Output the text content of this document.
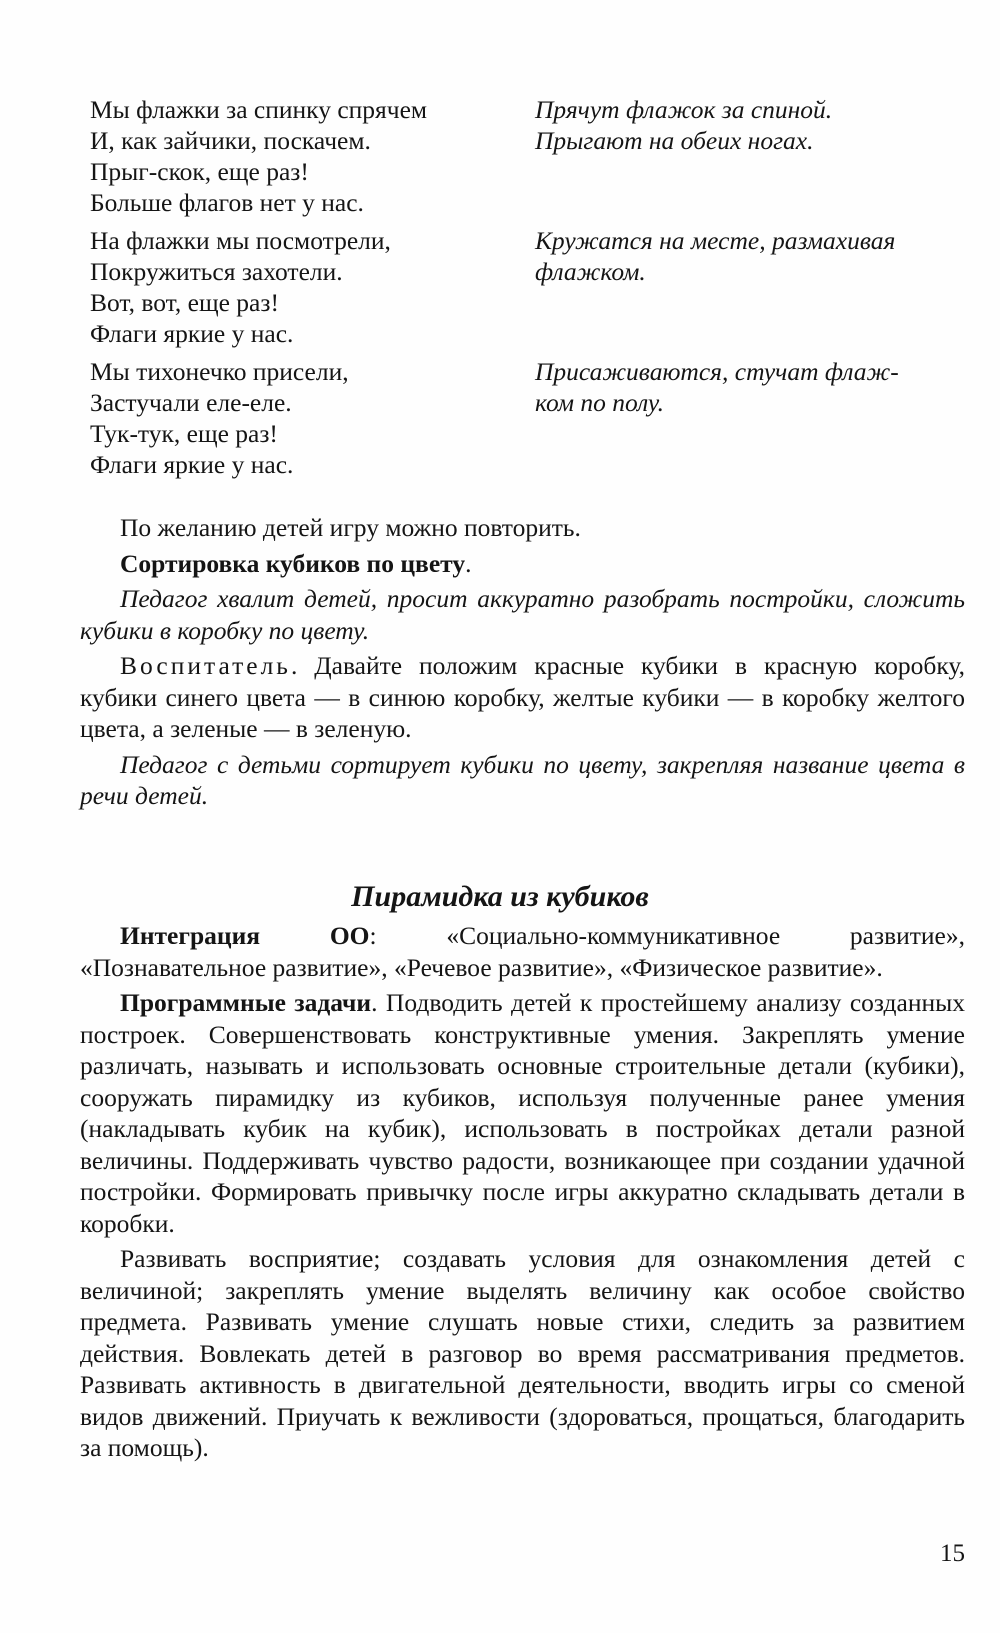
Мы флажки за спинку спрячем
И, как зайчики, поскачем.
Прыг-скок, еще раз!
Больше флагов нет у нас.
Прячут флажок за спиной.
Прыгают на обеих ногах.
На флажки мы посмотрели,
Покружиться захотели.
Вот, вот, еще раз!
Флаги яркие у нас.
Кружатся на месте, размахивая
флажком.
Мы тихонечко присели,
Застучали еле-еле.
Тук-тук, еще раз!
Флаги яркие у нас.
Присаживаются, стучат флаж-
ком по полу.

По желанию детей игру можно повторить.

Сортировка кубиков по цвету.

Педагог хвалит детей, просит аккуратно разобрать постройки, сложить кубики в коробку по цвету.

Воспитатель. Давайте положим красные кубики в красную коробку, кубики синего цвета — в синюю коробку, желтые кубики — в коробку желтого цвета, а зеленые — в зеленую.

Педагог с детьми сортирует кубики по цвету, закрепляя название цвета в речи детей.

Пирамидка из кубиков

Интеграция ОО: «Социально-коммуникативное развитие», «Познавательное развитие», «Речевое развитие», «Физическое развитие».

Программные задачи. Подводить детей к простейшему анализу созданных построек. Совершенствовать конструктивные умения. Закреплять умение различать, называть и использовать основные строительные детали (кубики), сооружать пирамидку из кубиков, используя полученные ранее умения (накладывать кубик на кубик), использовать в постройках детали разной величины. Поддерживать чувство радости, возникающее при создании удачной постройки. Формировать привычку после игры аккуратно складывать детали в коробки.

Развивать восприятие; создавать условия для ознакомления детей с величиной; закреплять умение выделять величину как особое свойство предмета. Развивать умение слушать новые стихи, следить за развитием действия. Вовлекать детей в разговор во время рассматривания предметов. Развивать активность в двигательной деятельности, вводить игры со сменой видов движений. Приучать к вежливости (здороваться, прощаться, благодарить за помощь).

15
